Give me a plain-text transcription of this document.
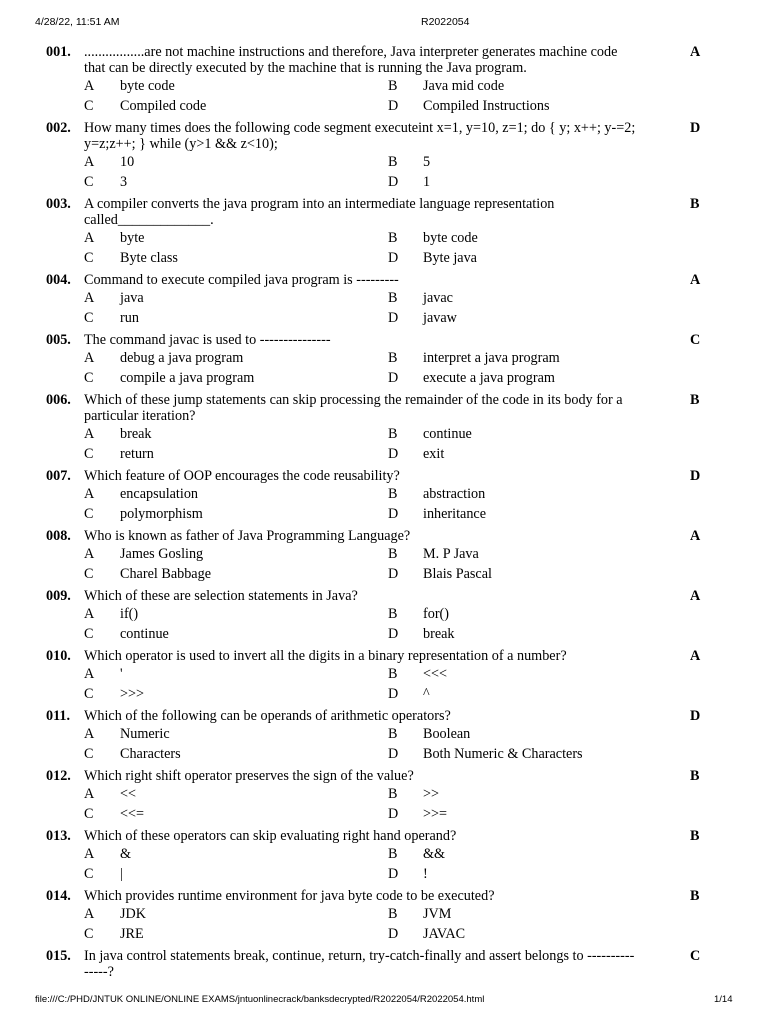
4/28/22, 11:51 AM	R2022054
001.	A
.................are not machine instructions and therefore, Java interpreter generates machine code
that can be directly executed by the machine that is running the Java program.
A byte code	B Java mid code
C Compiled code	D Compiled Instructions
002.	D
How many times does the following code segment executeint x=1, y=10, z=1; do { y; x++; y-=2;
y=z;z++; } while (y>1 && z<10);
A 10	B 5
C 3	D 1
003.	B
A compiler converts the java program into an intermediate language representation
called_____________.
A byte	B byte code
C Byte class	D Byte java
004.	A
Command to execute compiled java program is ---------
A java	B javac
C run	D javaw
005.	C
The command javac is used to ---------------
A debug a java program	B interpret a java program
C compile a java program	D execute a java program
006.	B
Which of these jump statements can skip processing the remainder of the code in its body for a
particular iteration?
A break	B continue
C return	D exit
007.	D
Which feature of OOP encourages the code reusability?
A encapsulation	B abstraction
C polymorphism	D inheritance
008.	A
Who is known as father of Java Programming Language?
A James Gosling	B M. P Java
C Charel Babbage	D Blais Pascal
009.	A
Which of these are selection statements in Java?
A if()	B for()
C continue	D break
010.	A
Which operator is used to invert all the digits in a binary representation of a number?
A '	B <<<
C >>>	D ^
011.	D
Which of the following can be operands of arithmetic operators?
A Numeric	B Boolean
C Characters	D Both Numeric & Characters
012.	B
Which right shift operator preserves the sign of the value?
A <<	B >>
C <<=	D >>=
013.	B
Which of these operators can skip evaluating right hand operand?
A &	B &&
C |	D !
014.	B
Which provides runtime environment for java byte code to be executed?
A JDK	B JVM
C JRE	D JAVAC
015.	C
In java control statements break, continue, return, try-catch-finally and assert belongs to ----------
-----?
file:///C:/PHD/JNTUK ONLINE/ONLINE EXAMS/jntuonlinecrack/banksdecrypted/R2022054/R2022054.html	1/14
